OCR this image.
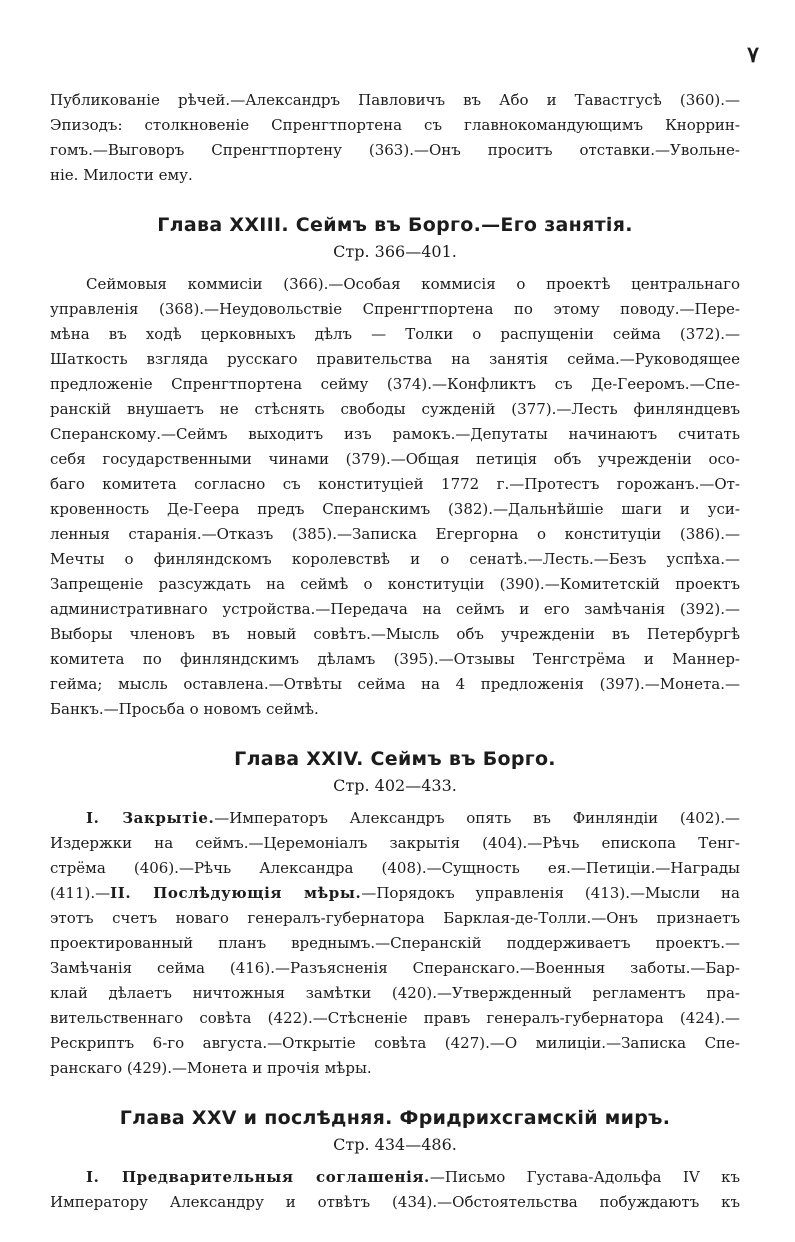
۷
Публикованіе рѣчей.—Александръ Павловичъ въ Або и Тавастгусѣ (360).—
Эпизодъ: столкновеніе Спренгтпортена съ главнокомандующимъ Кноррин-
гомъ.—Выговоръ Спренгтпортену (363).—Онъ проситъ отставки.—Увольне-
ніе. Милости ему.
Глава XXIII. Сеймъ въ Борго.—Его занятія.
Стр. 366—401.
Сеймовыя коммисіи (366).—Особая коммисія о проектѣ центральнаго
управленія (368).—Неудовольствіе Спренгтпортена по этому поводу.—Пере-
мѣна въ ходѣ церковныхъ дѣлъ — Толки о распущеніи сейма (372).—
Шаткость взгляда русскаго правительства на занятія сейма.—Руководящее
предложеніе Спренгтпортена сейму (374).—Конфликтъ съ Де-Гееромъ.—Спе-
ранскій внушаетъ не стѣснять свободы сужденій (377).—Лесть финляндцевъ
Сперанскому.—Сеймъ выходитъ изъ рамокъ.—Депутаты начинаютъ считать
себя государственными чинами (379).—Общая петиція объ учрежденіи осо-
баго комитета согласно съ конституціей 1772 г.—Протестъ горожанъ.—От-
кровенность Де-Геера предъ Сперанскимъ (382).—Дальнѣйшіе шаги и уси-
ленныя старанія.—Отказъ (385).—Записка Егергорна о конституціи (386).—
Мечты о финляндскомъ королевствѣ и о сенатѣ.—Лесть.—Безъ успѣха.—
Запрещеніе разсуждать на сеймѣ о конституціи (390).—Комитетскій проектъ
административнаго устройства.—Передача на сеймъ и его замѣчанія (392).—
Выборы членовъ въ новый совѣтъ.—Мысль объ учрежденіи въ Петербургѣ
комитета по финляндскимъ дѣламъ (395).—Отзывы Тенгстрёма и Маннер-
гейма; мысль оставлена.—Отвѣты сейма на 4 предложенія (397).—Монета.—
Банкъ.—Просьба о новомъ сеймѣ.
Глава XXIV. Сеймъ въ Борго.
Стр. 402—433.
I. Закрытіе.—Императоръ Александръ опять въ Финляндіи (402).—
Издержки на сеймъ.—Церемоніалъ закрытія (404).—Рѣчь епископа Тенг-
стрёма (406).—Рѣчь Александра (408).—Сущность ея.—Петиціи.—Награды
(411).—II. Послѣдующія мѣры.—Порядокъ управленія (413).—Мысли на
этотъ счетъ новаго генералъ-губернатора Барклая-де-Толли.—Онъ признаетъ
проектированный планъ вреднымъ.—Сперанскій поддерживаетъ проектъ.—
Замѣчанія сейма (416).—Разъясненія Сперанскаго.—Военныя заботы.—Бар-
клай дѣлаетъ ничтожныя замѣтки (420).—Утвержденный регламентъ пра-
вительственнаго совѣта (422).—Стѣсненіе правъ генералъ-губернатора (424).—
Рескриптъ 6-го августа.—Открытіе совѣта (427).—О милиціи.—Записка Спе-
ранскаго (429).—Монета и прочія мѣры.
Глава XXV и послѣдняя. Фридрихсгамскій миръ.
Стр. 434—486.
I. Предварительныя соглашенія.—Письмо Густава-Адольфа IV къ
Императору Александру и отвѣтъ (434).—Обстоятельства побуждаютъ къ
